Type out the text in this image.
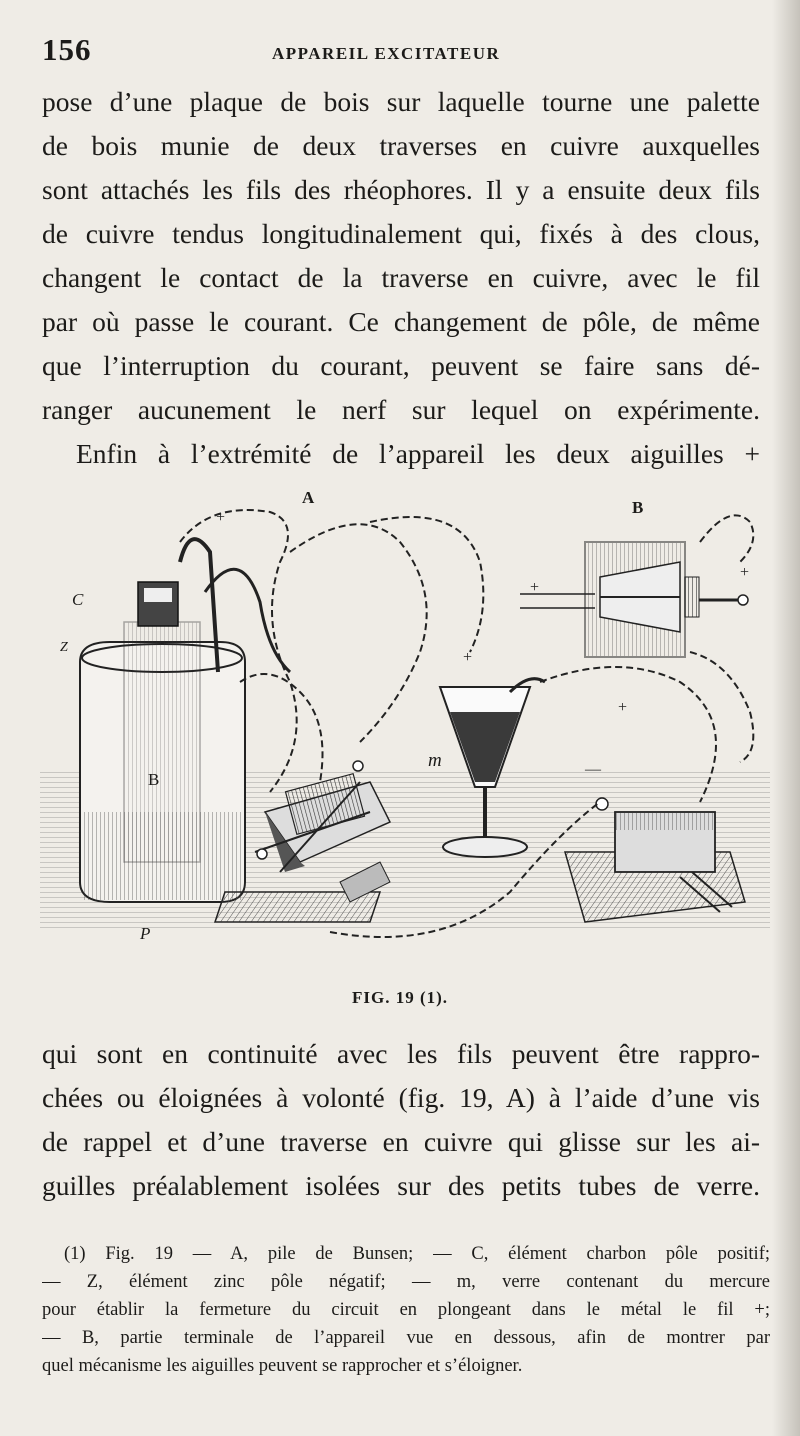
156	APPAREIL EXCITATEUR
pose d’une plaque de bois sur laquelle tourne une palette
de bois munie de deux traverses en cuivre auxquelles
sont attachés les fils des rhéophores. Il y a ensuite deux fils
de cuivre tendus longitudinalement qui, fixés à des clous,
changent le contact de la traverse en cuivre, avec le fil
par où passe le courant. Ce changement de pôle, de même
que l’interruption du courant, peuvent se faire sans dé-
ranger aucunement le nerf sur lequel on expérimente.
Enfin à l’extrémité de l’appareil les deux aiguilles +
+
+
+
+
+
—
A
B
C
Z
B
m
P
FIG. 19 (1).
qui sont en continuité avec les fils peuvent être rappro-
chées ou éloignées à volonté (fig. 19, A) à l’aide d’une vis
de rappel et d’une traverse en cuivre qui glisse sur les ai-
guilles préalablement isolées sur des petits tubes de verre.
(1) Fig. 19 — A, pile de Bunsen; — C, élément charbon pôle positif;
— Z, élément zinc pôle négatif; — m, verre contenant du mercure
pour établir la fermeture du circuit en plongeant dans le métal le fil +;
— B, partie terminale de l’appareil vue en dessous, afin de montrer par
quel mécanisme les aiguilles peuvent se rapprocher et s’éloigner.
